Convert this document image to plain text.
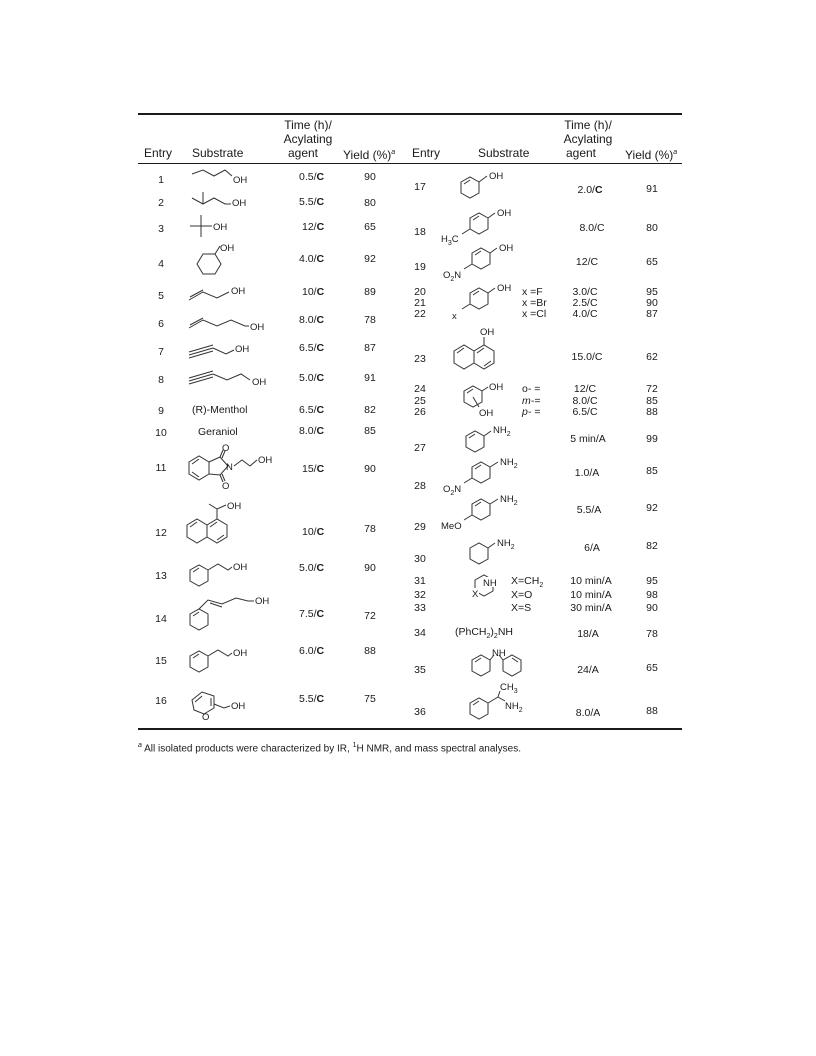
Entry Substrate
Time (h)/
Acylating
agent Yield (%)$^a$ Entry	Substrate
Time (h)/
Acylating
agent Yield (%)$^a$
1
2
3
4
5
6
7
8
9
10
11
12
13
14
15
16
(R)-Menthol
Geraniol
0.5/C
5.5/C
12/C
4.0/C
10/C
8.0/C
6.5/C
5.0/C
6.5/C
8.0/C
15/C
10/C
5.0/C
7.5/C
6.0/C
5.5/C
90
80
65
92
89
78
87
91
82
85
90
78
90
72
88
75
17
18
19
20
21
22
23
24
25
26
27
28
29
30
31
32
33
34
35
36
x =F
x =Br
x =Cl
o- =
m-=
p- =
$X=CH_2$
X=O
X=S
$(PhCH_2)_2NH$
2.0/C
8.0/C
12/C
3.0/C
2.5/C
4.0/C
15.0/C
12/C
8.0/C
6.5/C
5 min/A
1.0/A
5.5/A
6/A
10 min/A
10 min/A
30 min/A
18/A
24/A
8.0/A
91
80
65
95
90
87
62
72
85
88
99
85
92
82
95
98
90
78
65
88
OH
OH
OH
OH
OH
OH
OH
OH
O
O
N
OH
OH
OH
OH
OH
O
OH
OH
OH
$H_3C$
OH
$O_2N$
OH
x
OH
OH
OH
$NH_2$
$NH_2$
$O_2N$
$NH_2$
MeO
$NH_2$
NH
X
NH
$CH_3$
$NH_2$
$^a$ All isolated products were characterized by IR, $^1$H NMR, and mass spectral analyses.
